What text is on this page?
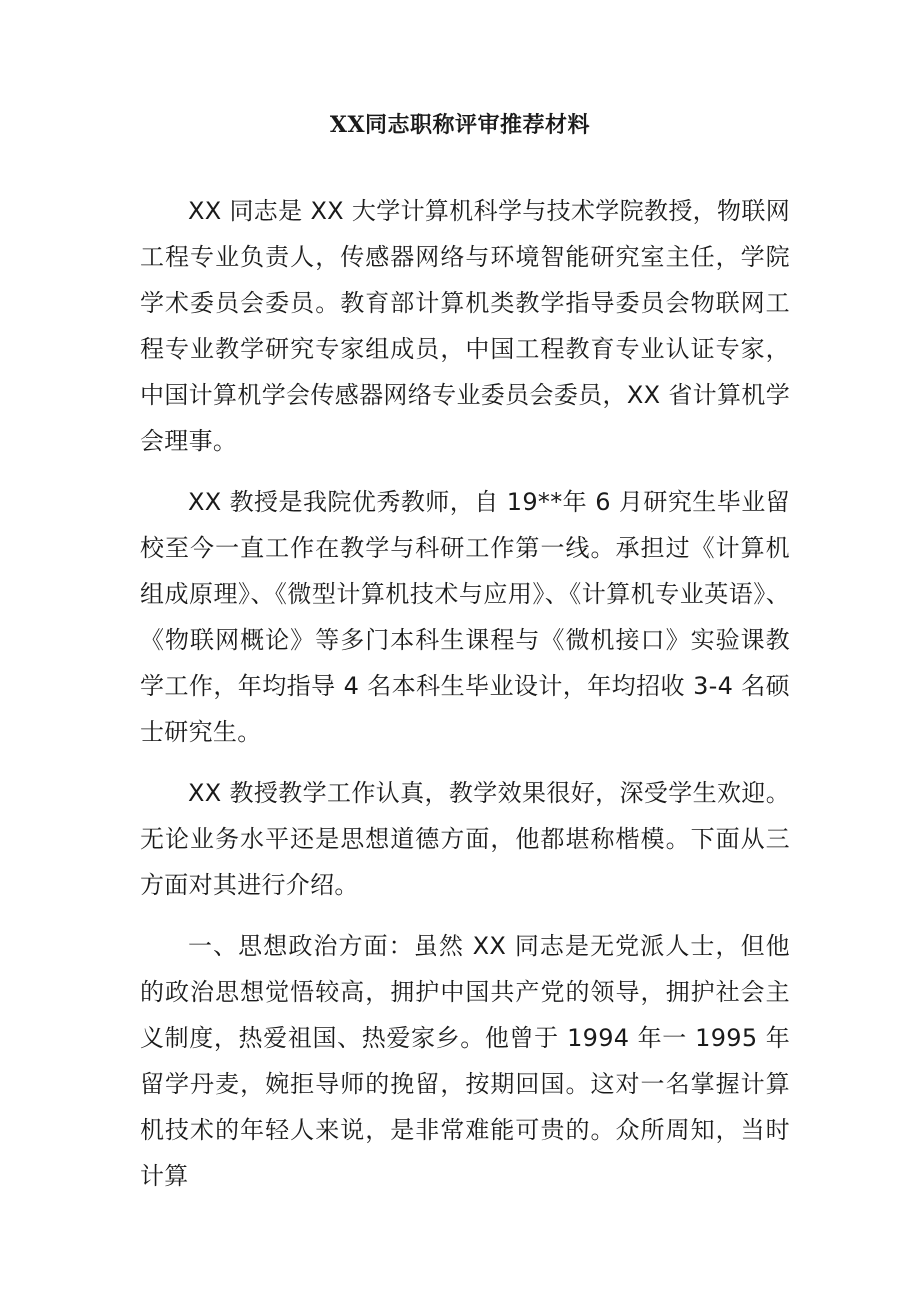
XX同志职称评审推荐材料

XX 同志是 XX 大学计算机科学与技术学院教授，物联网工程专业负责人，传感器网络与环境智能研究室主任，学院学术委员会委员。教育部计算机类教学指导委员会物联网工程专业教学研究专家组成员，中国工程教育专业认证专家，中国计算机学会传感器网络专业委员会委员，XX 省计算机学会理事。

XX 教授是我院优秀教师，自 19**年 6 月研究生毕业留校至今一直工作在教学与科研工作第一线。承担过《计算机组成原理》、《微型计算机技术与应用》、《计算机专业英语》、《物联网概论》等多门本科生课程与《微机接口》实验课教学工作，年均指导 4 名本科生毕业设计，年均招收 3-4 名硕士研究生。

XX 教授教学工作认真，教学效果很好，深受学生欢迎。无论业务水平还是思想道德方面，他都堪称楷模。下面从三方面对其进行介绍。

一、思想政治方面：虽然 XX 同志是无党派人士，但他的政治思想觉悟较高，拥护中国共产党的领导，拥护社会主义制度，热爱祖国、热爱家乡。他曾于 1994 年一 1995 年留学丹麦，婉拒导师的挽留，按期回国。这对一名掌握计算机技术的年轻人来说，是非常难能可贵的。众所周知，当时计算
